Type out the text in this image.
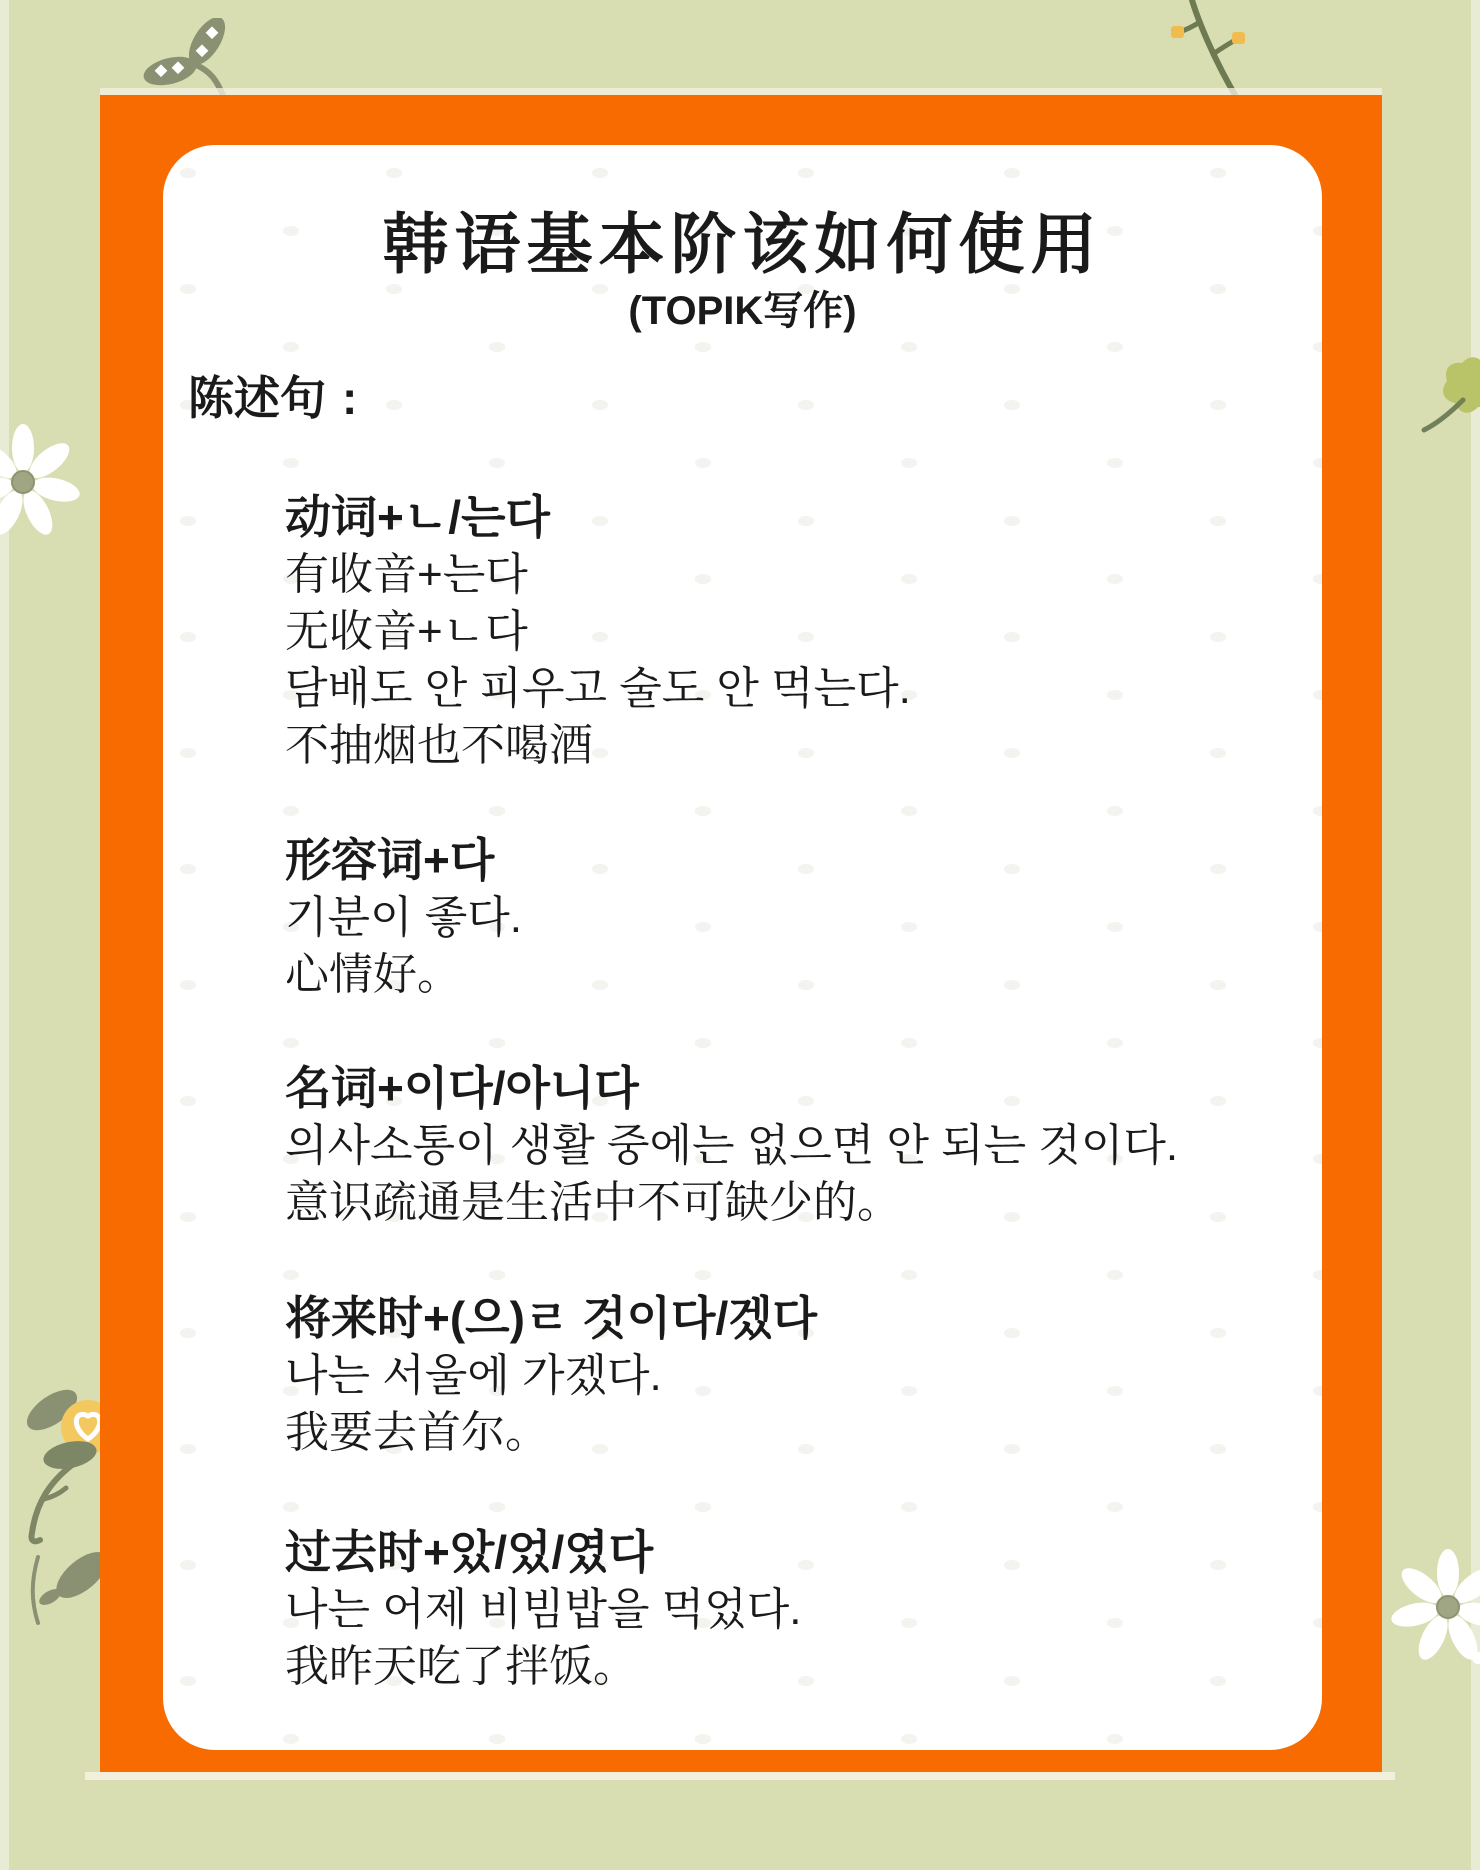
韩语基本阶该如何使用
(TOPIK写作)
陈述句 :
动词+ㄴ/는다
有收音+는다
无收音+ㄴ다
담배도 안 피우고 술도 안 먹는다.
不抽烟也不喝酒
形容词+다
기분이 좋다.
心情好。
名词+이다/아니다
의사소통이 생활 중에는 없으면 안 되는 것이다.
意识疏通是生活中不可缺少的。
将来时+(으)ㄹ 것이다/겠다
나는 서울에 가겠다.
我要去首尔。
过去时+았/었/였다
나는 어제 비빔밥을 먹었다.
我昨天吃了拌饭。
